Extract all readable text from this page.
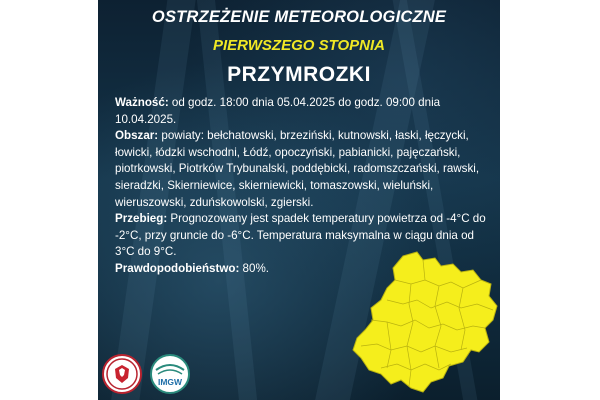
OSTRZEŻENIE METEOROLOGICZNE
PIERWSZEGO STOPNIA
PRZYMROZKI

Ważność: od godz. 18:00 dnia 05.04.2025 do godz. 09:00 dnia 10.04.2025.

Obszar: powiaty: bełchatowski, brzeziński, kutnowski, łaski, łęczycki, łowicki, łódzki wschodni, Łódź, opoczyński, pabianicki, pajęczański, piotrkowski, Piotrków Trybunalski, poddębicki, radomszczański, rawski, sieradzki, Skierniewice, skierniewicki, tomaszowski, wieluński, wieruszowski, zduńskowolski, zgierski.

Przebieg: Prognozowany jest spadek temperatury powietrza od -4°C do -2°C, przy gruncie do -6°C. Temperatura maksymalna w ciągu dnia od 3°C do 9°C.

Prawdopodobieństwo: 80%.

IMGW
